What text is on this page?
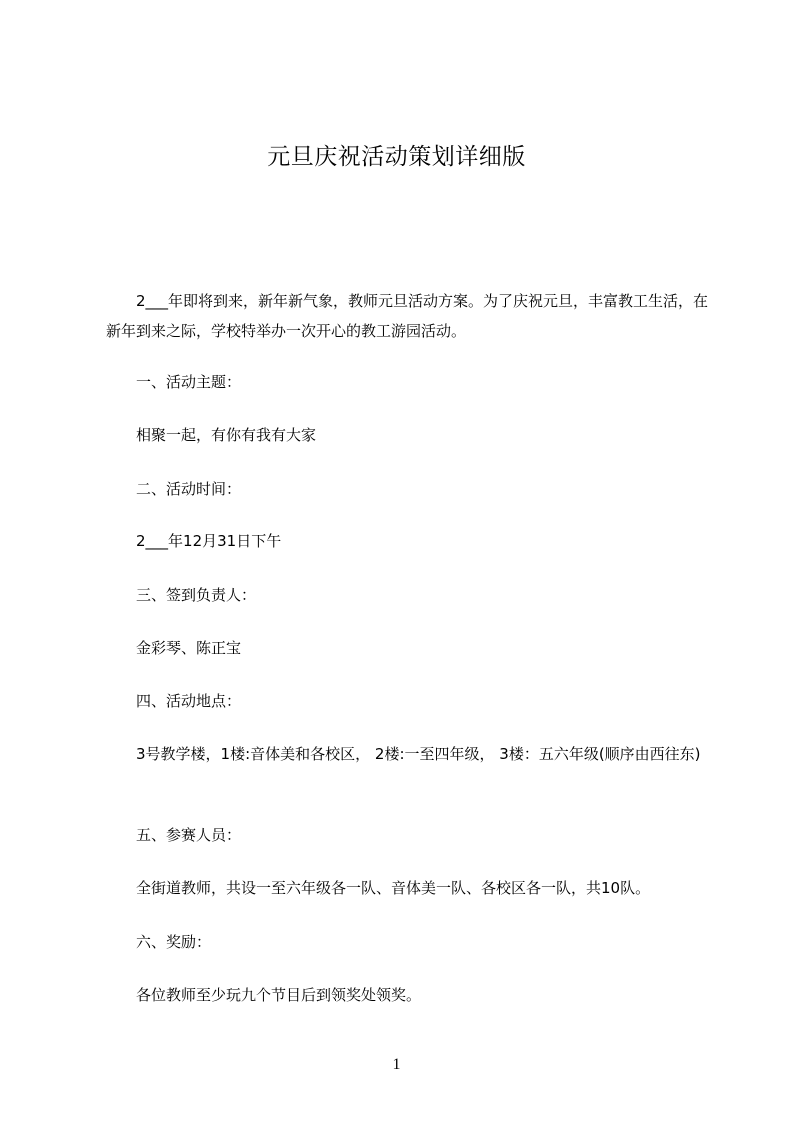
元旦庆祝活动策划详细版

2___年即将到来，新年新气象，教师元旦活动方案。为了庆祝元旦，丰富教工生活，在新年到来之际，学校特举办一次开心的教工游园活动。

一、活动主题：

相聚一起，有你有我有大家

二、活动时间：

2___年12月31日下午

三、签到负责人：

金彩琴、陈正宝

四、活动地点：

3号教学楼，1楼:音体美和各校区， 2楼:一至四年级， 3楼：五六年级(顺序由西往东)

五、参赛人员：

全街道教师，共设一至六年级各一队、音体美一队、各校区各一队，共10队。

六、奖励：

各位教师至少玩九个节目后到领奖处领奖。

1
